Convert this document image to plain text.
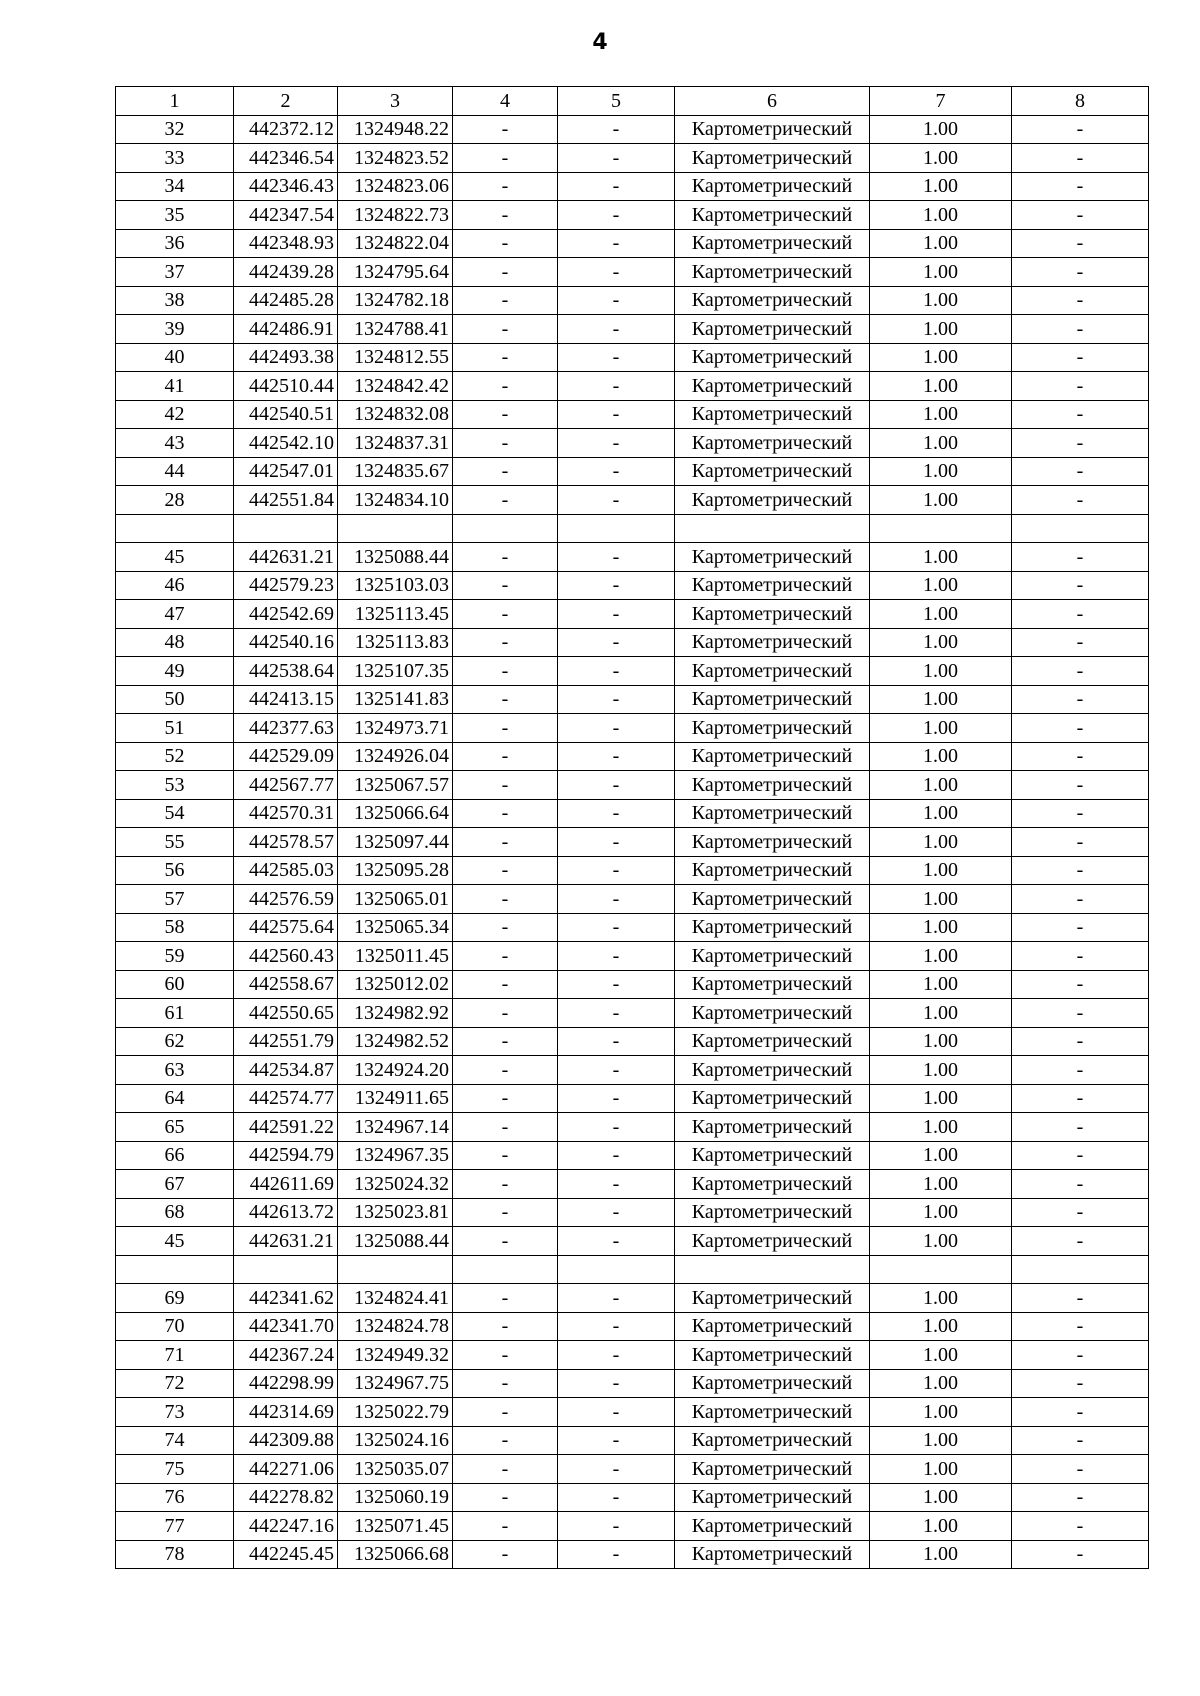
4
1	2	3	4	5	6	7	8
32	442372.12	1324948.22	-	-	Картометрический	1.00	-
33	442346.54	1324823.52	-	-	Картометрический	1.00	-
34	442346.43	1324823.06	-	-	Картометрический	1.00	-
35	442347.54	1324822.73	-	-	Картометрический	1.00	-
36	442348.93	1324822.04	-	-	Картометрический	1.00	-
37	442439.28	1324795.64	-	-	Картометрический	1.00	-
38	442485.28	1324782.18	-	-	Картометрический	1.00	-
39	442486.91	1324788.41	-	-	Картометрический	1.00	-
40	442493.38	1324812.55	-	-	Картометрический	1.00	-
41	442510.44	1324842.42	-	-	Картометрический	1.00	-
42	442540.51	1324832.08	-	-	Картометрический	1.00	-
43	442542.10	1324837.31	-	-	Картометрический	1.00	-
44	442547.01	1324835.67	-	-	Картометрический	1.00	-
28	442551.84	1324834.10	-	-	Картометрический	1.00	-

45	442631.21	1325088.44	-	-	Картометрический	1.00	-
46	442579.23	1325103.03	-	-	Картометрический	1.00	-
47	442542.69	1325113.45	-	-	Картометрический	1.00	-
48	442540.16	1325113.83	-	-	Картометрический	1.00	-
49	442538.64	1325107.35	-	-	Картометрический	1.00	-
50	442413.15	1325141.83	-	-	Картометрический	1.00	-
51	442377.63	1324973.71	-	-	Картометрический	1.00	-
52	442529.09	1324926.04	-	-	Картометрический	1.00	-
53	442567.77	1325067.57	-	-	Картометрический	1.00	-
54	442570.31	1325066.64	-	-	Картометрический	1.00	-
55	442578.57	1325097.44	-	-	Картометрический	1.00	-
56	442585.03	1325095.28	-	-	Картометрический	1.00	-
57	442576.59	1325065.01	-	-	Картометрический	1.00	-
58	442575.64	1325065.34	-	-	Картометрический	1.00	-
59	442560.43	1325011.45	-	-	Картометрический	1.00	-
60	442558.67	1325012.02	-	-	Картометрический	1.00	-
61	442550.65	1324982.92	-	-	Картометрический	1.00	-
62	442551.79	1324982.52	-	-	Картометрический	1.00	-
63	442534.87	1324924.20	-	-	Картометрический	1.00	-
64	442574.77	1324911.65	-	-	Картометрический	1.00	-
65	442591.22	1324967.14	-	-	Картометрический	1.00	-
66	442594.79	1324967.35	-	-	Картометрический	1.00	-
67	442611.69	1325024.32	-	-	Картометрический	1.00	-
68	442613.72	1325023.81	-	-	Картометрический	1.00	-
45	442631.21	1325088.44	-	-	Картометрический	1.00	-

69	442341.62	1324824.41	-	-	Картометрический	1.00	-
70	442341.70	1324824.78	-	-	Картометрический	1.00	-
71	442367.24	1324949.32	-	-	Картометрический	1.00	-
72	442298.99	1324967.75	-	-	Картометрический	1.00	-
73	442314.69	1325022.79	-	-	Картометрический	1.00	-
74	442309.88	1325024.16	-	-	Картометрический	1.00	-
75	442271.06	1325035.07	-	-	Картометрический	1.00	-
76	442278.82	1325060.19	-	-	Картометрический	1.00	-
77	442247.16	1325071.45	-	-	Картометрический	1.00	-
78	442245.45	1325066.68	-	-	Картометрический	1.00	-
